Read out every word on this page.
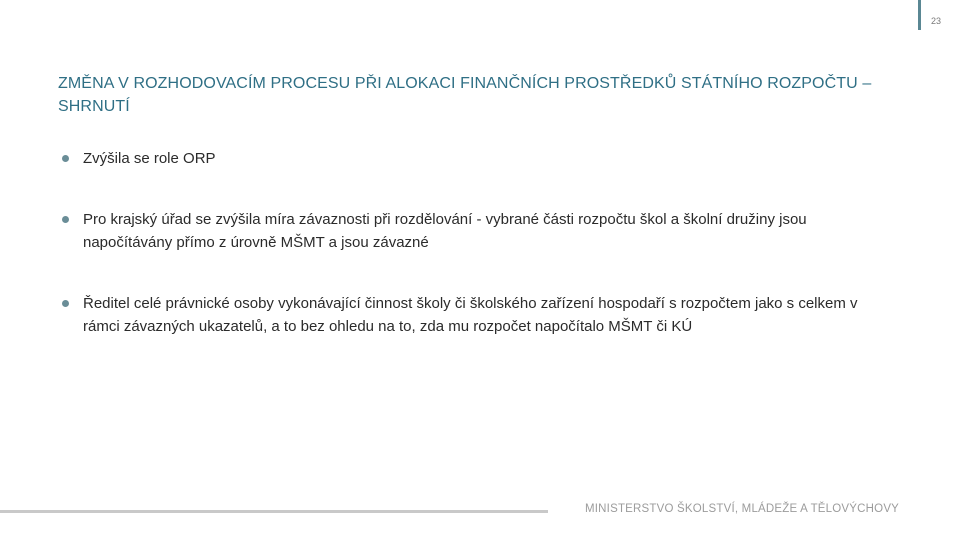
23
ZMĚNA V ROZHODOVACÍM PROCESU PŘI ALOKACI FINANČNÍCH PROSTŘEDKŮ STÁTNÍHO ROZPOČTU – SHRNUTÍ
Zvýšila se role ORP
Pro krajský úřad se zvýšila míra závaznosti při rozdělování - vybrané části rozpočtu škol a školní družiny jsou napočítávány přímo z úrovně MŠMT a jsou závazné
Ředitel celé právnické osoby vykonávající činnost školy či školského zařízení hospodaří s rozpočtem jako s celkem v rámci závazných ukazatelů, a to bez ohledu na to, zda mu rozpočet napočítalo MŠMT či KÚ
MINISTERSTVO ŠKOLSTVÍ, MLÁDEŽE A TĚLOVÝCHOVY
